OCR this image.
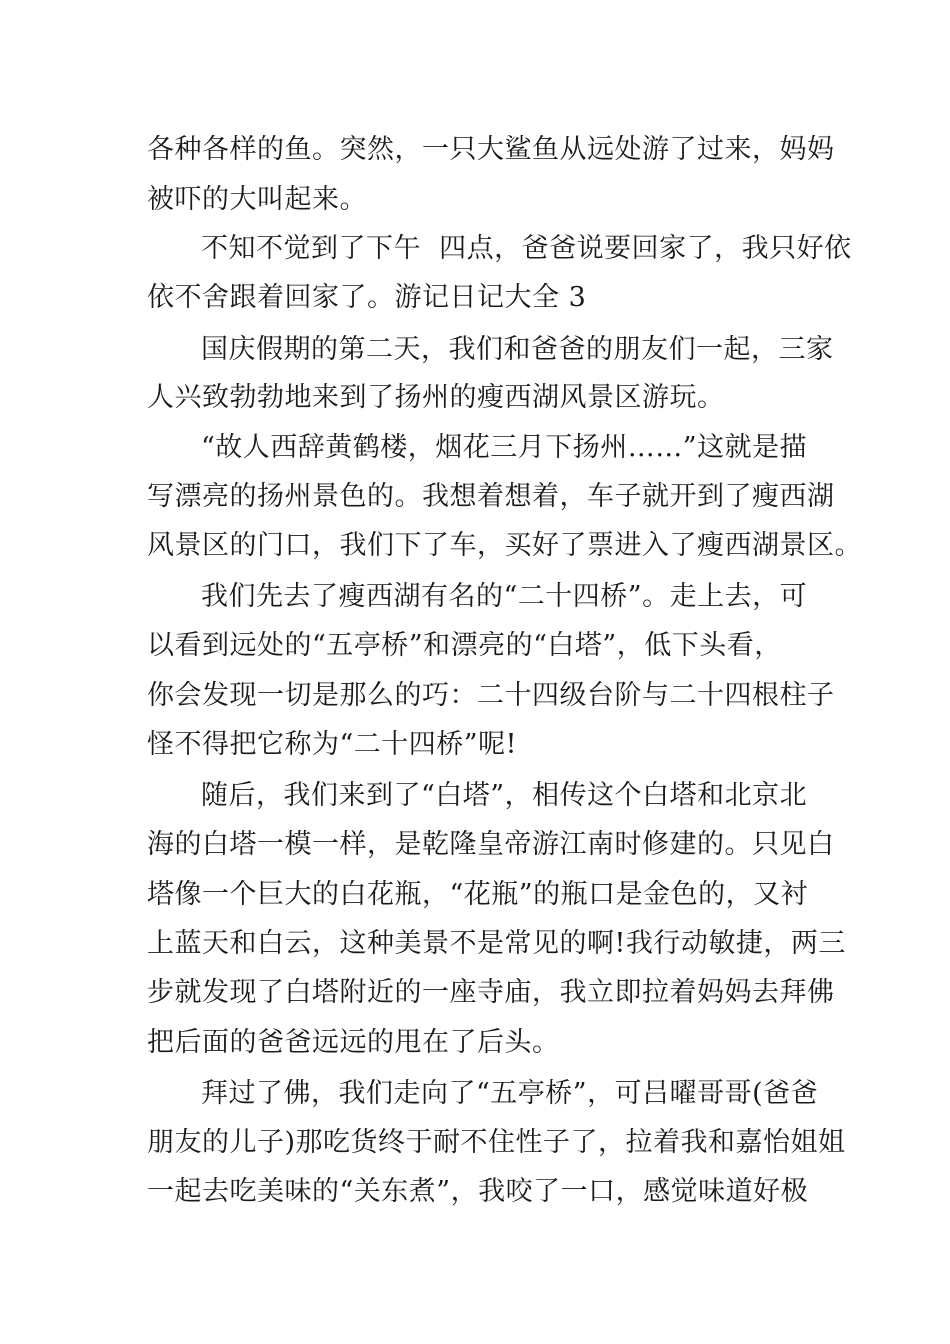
各种各样的鱼。突然，一只大鲨鱼从远处游了过来，妈妈
被吓的大叫起来。
不知不觉到了下午  四点，爸爸说要回家了，我只好依
依不舍跟着回家了。游记日记大全 3
国庆假期的第二天，我们和爸爸的朋友们一起，三家
人兴致勃勃地来到了扬州的瘦西湖风景区游玩。
“故人西辞黄鹤楼，烟花三月下扬州……”这就是描
写漂亮的扬州景色的。我想着想着，车子就开到了瘦西湖
风景区的门口，我们下了车，买好了票进入了瘦西湖景区。
我们先去了瘦西湖有名的“二十四桥”。走上去，可
以看到远处的“五亭桥”和漂亮的“白塔”，低下头看，
你会发现一切是那么的巧：二十四级台阶与二十四根柱子
怪不得把它称为“二十四桥”呢!
随后，我们来到了“白塔”，相传这个白塔和北京北
海的白塔一模一样，是乾隆皇帝游江南时修建的。只见白
塔像一个巨大的白花瓶，“花瓶”的瓶口是金色的，又衬
上蓝天和白云，这种美景不是常见的啊!我行动敏捷，两三
步就发现了白塔附近的一座寺庙，我立即拉着妈妈去拜佛
把后面的爸爸远远的甩在了后头。
拜过了佛，我们走向了“五亭桥”，可吕曜哥哥(爸爸
朋友的儿子)那吃货终于耐不住性子了，拉着我和嘉怡姐姐
一起去吃美味的“关东煮”，我咬了一口，感觉味道好极
